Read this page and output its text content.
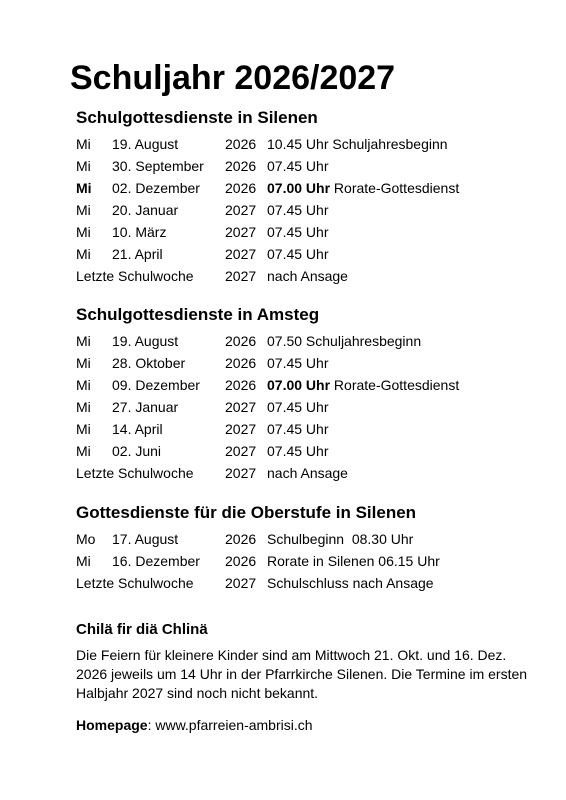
Schuljahr 2026/2027
Schulgottesdienste in Silenen
Mi 19. August	2026 10.45 Uhr Schuljahresbeginn
Mi 30. September 2026 07.45 Uhr
Mi 02. Dezember 2026 07.00 Uhr Rorate-Gottesdienst
Mi 20. Januar	2027 07.45 Uhr
Mi 10. März	2027 07.45 Uhr
Mi 21. April	2027 07.45 Uhr
Letzte Schulwoche 2027 nach Ansage
Schulgottesdienste in Amsteg
Mi 19. August	2026 07.50 Schuljahresbeginn
Mi 28. Oktober	2026 07.45 Uhr
Mi 09. Dezember 2026 07.00 Uhr Rorate-Gottesdienst
Mi 27. Januar	2027 07.45 Uhr
Mi 14. April	2027 07.45 Uhr
Mi 02. Juni	2027 07.45 Uhr
Letzte Schulwoche 2027 nach Ansage
Gottesdienste für die Oberstufe in Silenen
Mo 17. August	2026 Schulbeginn  08.30 Uhr
Mi 16. Dezember 2026 Rorate in Silenen 06.15 Uhr
Letzte Schulwoche 2027 Schulschluss nach Ansage
Chilä fir diä Chlinä

Die Feiern für kleinere Kinder sind am Mittwoch 21. Okt. und 16. Dez. 2026 jeweils um 14 Uhr in der Pfarrkirche Silenen. Die Termine im ersten Halbjahr 2027 sind noch nicht bekannt.

Homepage: www.pfarreien-ambrisi.ch
